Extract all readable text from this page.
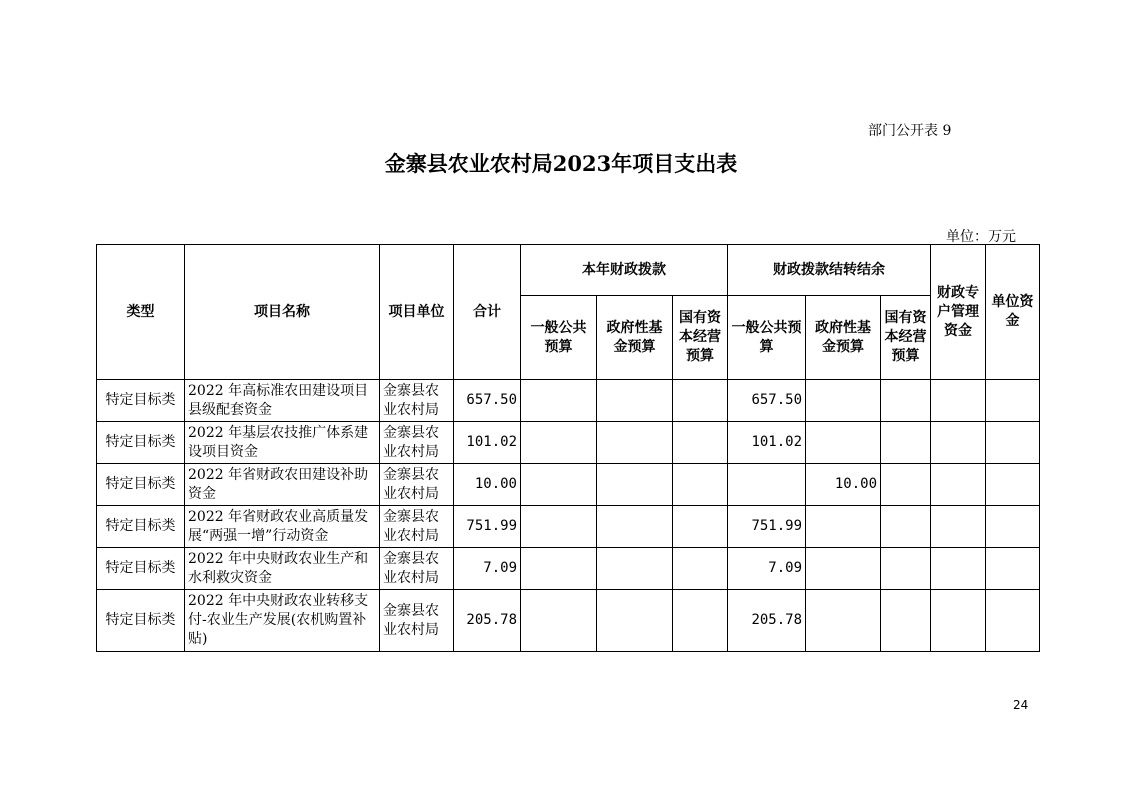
部门公开表 9
金寨县农业农村局2023年项目支出表
单位：万元
类型	项目名称	项目单位	合计	本年财政拨款			财政拨款结转结余			财政专户管理资金	单位资金
				一般公共预算	政府性基金预算	国有资本经营预算	一般公共预算	政府性基金预算	国有资本经营预算		
特定目标类	2022 年高标准农田建设项目县级配套资金	金寨县农业农村局	657.50				657.50				
特定目标类	2022 年基层农技推广体系建设项目资金	金寨县农业农村局	101.02				101.02				
特定目标类	2022 年省财政农田建设补助资金	金寨县农业农村局	10.00					10.00			
特定目标类	2022 年省财政农业高质量发展“两强一增”行动资金	金寨县农业农村局	751.99				751.99				
特定目标类	2022 年中央财政农业生产和水利救灾资金	金寨县农业农村局	7.09				7.09				
特定目标类	2022 年中央财政农业转移支付-农业生产发展(农机购置补贴)	金寨县农业农村局	205.78				205.78				
24
